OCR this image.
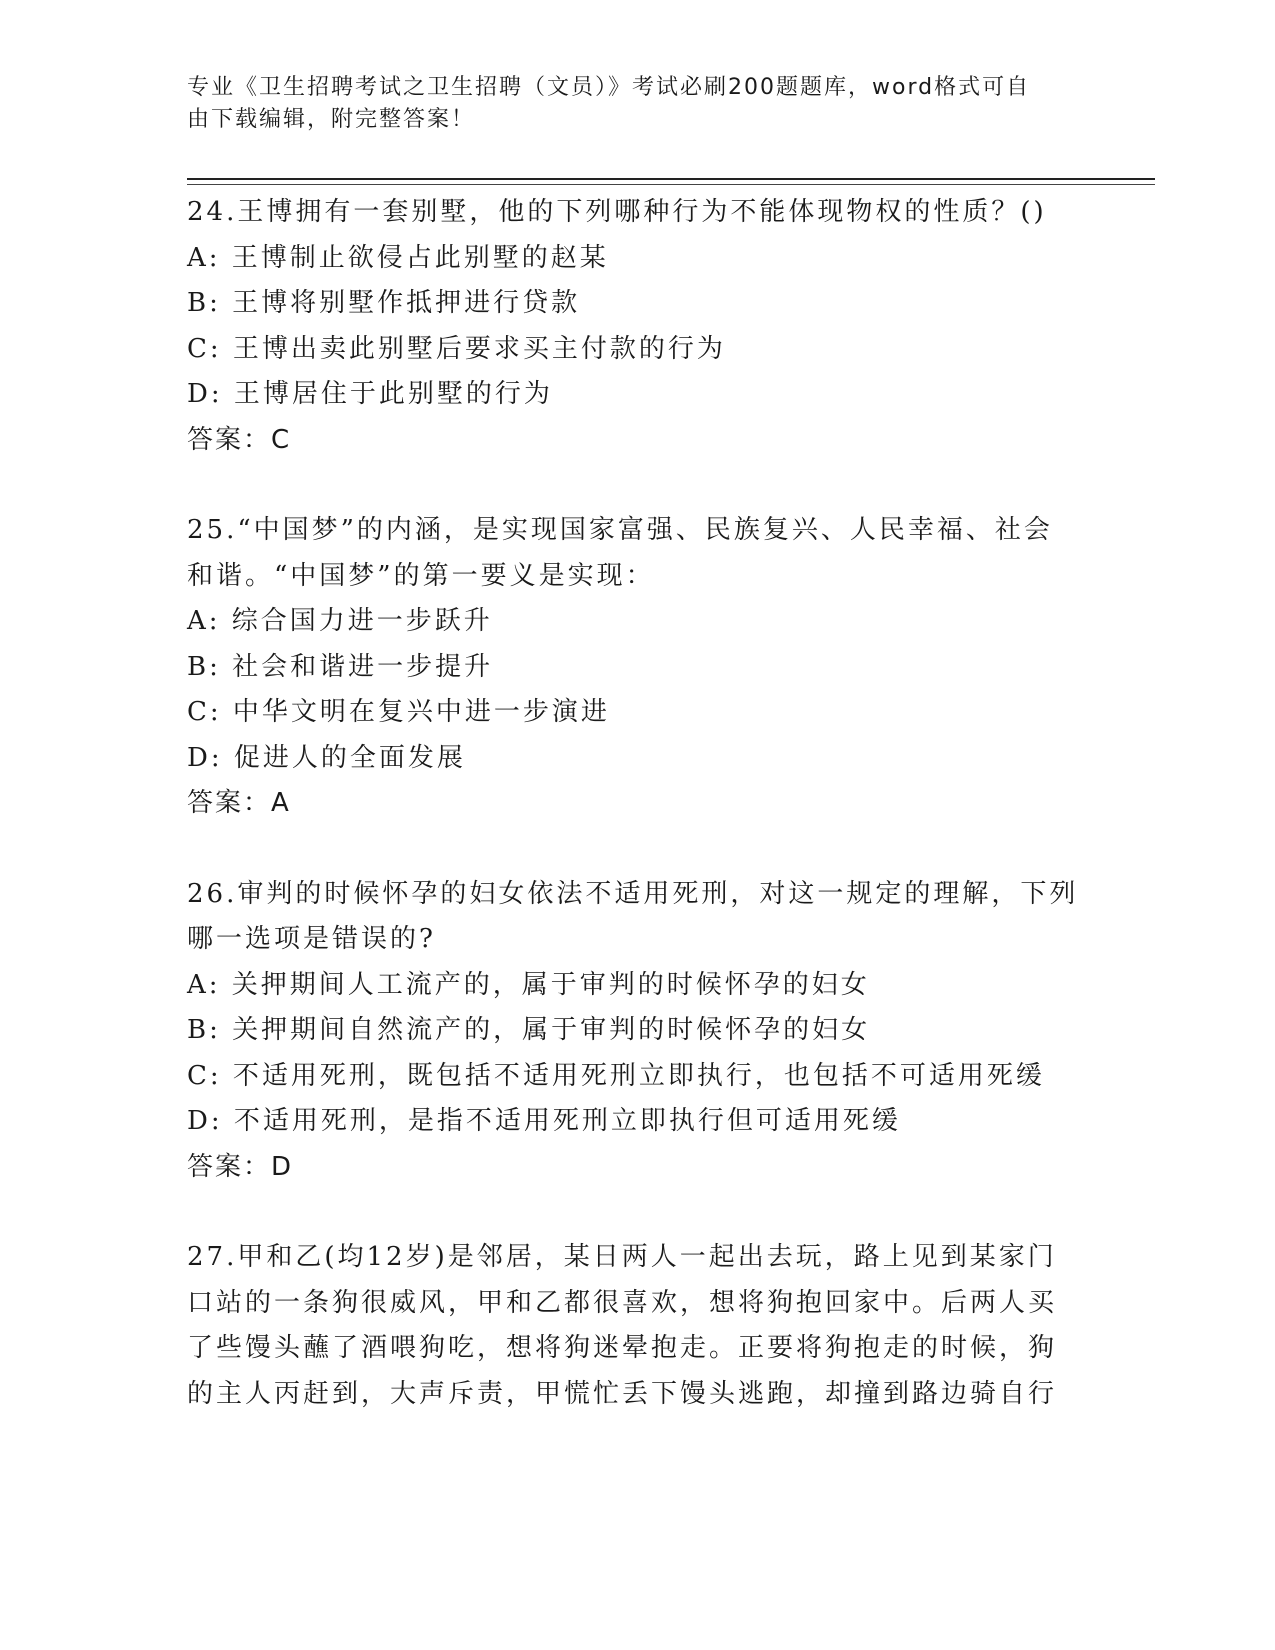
专业《卫生招聘考试之卫生招聘（文员）》考试必刷200题题库，word格式可自
由下载编辑，附完整答案！

24.王博拥有一套别墅，他的下列哪种行为不能体现物权的性质？()

A: 王博制止欲侵占此别墅的赵某

B: 王博将别墅作抵押进行贷款

C: 王博出卖此别墅后要求买主付款的行为

D: 王博居住于此别墅的行为

答案：C

25.“中国梦”的内涵，是实现国家富强、民族复兴、人民幸福、社会

和谐。“中国梦”的第一要义是实现：

A: 综合国力进一步跃升

B: 社会和谐进一步提升

C: 中华文明在复兴中进一步演进

D: 促进人的全面发展

答案：A

26.审判的时候怀孕的妇女依法不适用死刑，对这一规定的理解，下列

哪一选项是错误的?

A: 关押期间人工流产的，属于审判的时候怀孕的妇女

B: 关押期间自然流产的，属于审判的时候怀孕的妇女

C: 不适用死刑，既包括不适用死刑立即执行，也包括不可适用死缓

D: 不适用死刑，是指不适用死刑立即执行但可适用死缓

答案：D

27.甲和乙(均12岁)是邻居，某日两人一起出去玩，路上见到某家门

口站的一条狗很威风，甲和乙都很喜欢，想将狗抱回家中。后两人买

了些馒头蘸了酒喂狗吃，想将狗迷晕抱走。正要将狗抱走的时候，狗

的主人丙赶到，大声斥责，甲慌忙丢下馒头逃跑，却撞到路边骑自行
